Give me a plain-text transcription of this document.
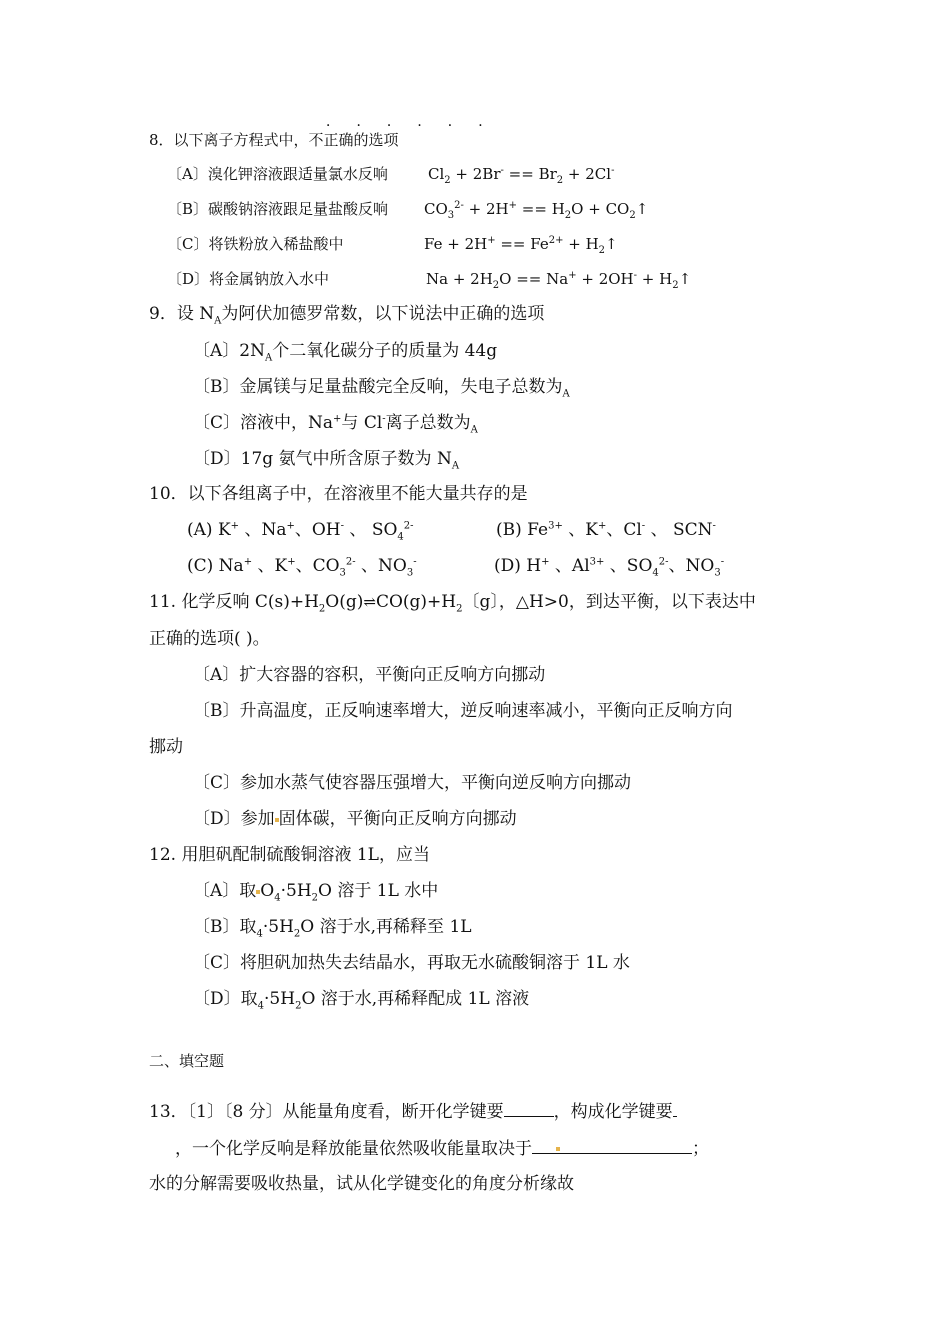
． ． ． ． ． ．
8．以下离子方程式中，不正确的选项
〔A〕溴化钾溶液跟适量氯水反响	$Cl_2 + 2Br^- == Br_2 + 2Cl^-$
〔B〕碳酸钠溶液跟足量盐酸反响 $CO_3^{2-} + 2H^+ == H_2O$ + $CO_2↑$
〔C〕将铁粉放入稀盐酸中	$Fe + 2H^+ == Fe^{2+}$ + $H_2↑$
〔D〕将金属钠放入水中	$Na + 2H_2O == Na^+ + 2OH^-$ + $H_2↑$
9．设 $N_A$为阿伏加德罗常数，以下说法中正确的选项
〔A〕$2N_A$个二氧化碳分子的质量为 44g
〔B〕金属镁与足量盐酸完全反响，失电子总数为$_A$
〔C〕溶液中，Na+与 Cl-离子总数为$_A$
〔D〕17g 氨气中所含原子数为 $N_A$
10．以下各组离子中，在溶液里不能大量共存的是
(A) K+ 、Na+、OH- 、 $SO_4^{2-}$	(B) $Fe^{3+}$ 、K+、Cl- 、 SCN-
(C) Na+ 、K+、$CO_3^{2-}$ 、$NO_3^-$	(D) H+ 、$Al^{3+}$ 、$SO_4^{2-}$、$NO_3^-$
11. 化学反响 $C(s)+H_2O(g)\rightleftharpoons CO(g)+H_2$〔g〕，△H>0，到达平衡，以下表达中
正确的选项( )。
〔A〕扩大容器的容积，平衡向正反响方向挪动
〔B〕升高温度，正反响速率增大，逆反响速率减小，平衡向正反响方向
挪动
〔C〕参加水蒸气使容器压强增大，平衡向逆反响方向挪动
〔D〕参加 固体碳，平衡向正反响方向挪动
12. 用胆矾配制硫酸铜溶液 1L，应当
〔A〕取 $O_4\cdot 5H_2O$ 溶于 1L 水中
〔B〕取$_4\cdot 5H_2O$ 溶于水,再稀释至 1L
〔C〕将胆矾加热失去结晶水，再取无水硫酸铜溶于 1L 水
〔D〕取$_4\cdot 5H_2O$ 溶于水,再稀释配成 1L 溶液
二、填空题
13．〔1〕〔8 分〕从能量角度看，断开化学键要	，构成化学键要
，一个化学反响是释放能量依然吸收能量取决于	；
水的分解需要吸收热量，试从化学键变化的角度分析缘故
